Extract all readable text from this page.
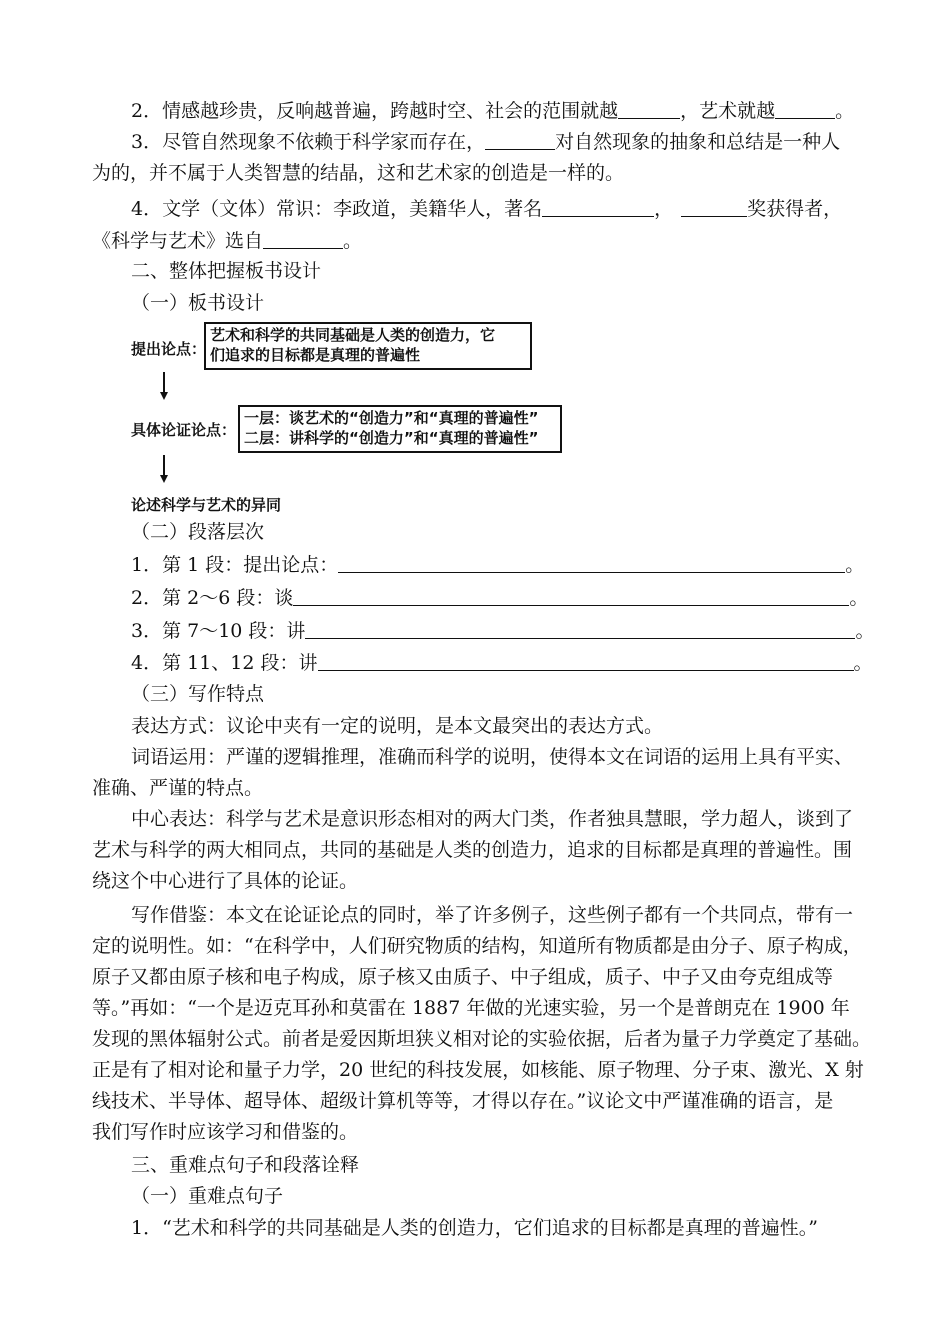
2．情感越珍贵，反响越普遍，跨越时空、社会的范围就越	，艺术就越	。
3．尽管自然现象不依赖于科学家而存在，	对自然现象的抽象和总结是一种人
为的，并不属于人类智慧的结晶，这和艺术家的创造是一样的。
4．文学（文体）常识：李政道，美籍华人，著名	，	奖获得者，
《科学与艺术》选自	。
二、整体把握板书设计
（一）板书设计
提出论点：
艺术和科学的共同基础是人类的创造力，它
们追求的目标都是真理的普遍性
具体论证论点：
一层：谈艺术的“创造力”和“真理的普遍性”
二层：讲科学的“创造力”和“真理的普遍性”
论述科学与艺术的异同
（二）段落层次
1．第 1 段：提出论点：	。
2．第 2～6 段：谈	。
3．第 7～10 段：讲	。
4．第 11、12 段：讲	。
（三）写作特点
表达方式：议论中夹有一定的说明，是本文最突出的表达方式。
词语运用：严谨的逻辑推理，准确而科学的说明，使得本文在词语的运用上具有平实、
准确、严谨的特点。
中心表达：科学与艺术是意识形态相对的两大门类，作者独具慧眼，学力超人，谈到了
艺术与科学的两大相同点，共同的基础是人类的创造力，追求的目标都是真理的普遍性。围
绕这个中心进行了具体的论证。
写作借鉴：本文在论证论点的同时，举了许多例子，这些例子都有一个共同点，带有一
定的说明性。如：“在科学中，人们研究物质的结构，知道所有物质都是由分子、原子构成，
原子又都由原子核和电子构成，原子核又由质子、中子组成，质子、中子又由夸克组成等
等。”再如：“一个是迈克耳孙和莫雷在 1887 年做的光速实验，另一个是普朗克在 1900 年
发现的黑体辐射公式。前者是爱因斯坦狭义相对论的实验依据，后者为量子力学奠定了基础。
正是有了相对论和量子力学，20 世纪的科技发展，如核能、原子物理、分子束、激光、X 射
线技术、半导体、超导体、超级计算机等等，才得以存在。”议论文中严谨准确的语言，是
我们写作时应该学习和借鉴的。
三、重难点句子和段落诠释
（一）重难点句子
1．“艺术和科学的共同基础是人类的创造力，它们追求的目标都是真理的普遍性。”
